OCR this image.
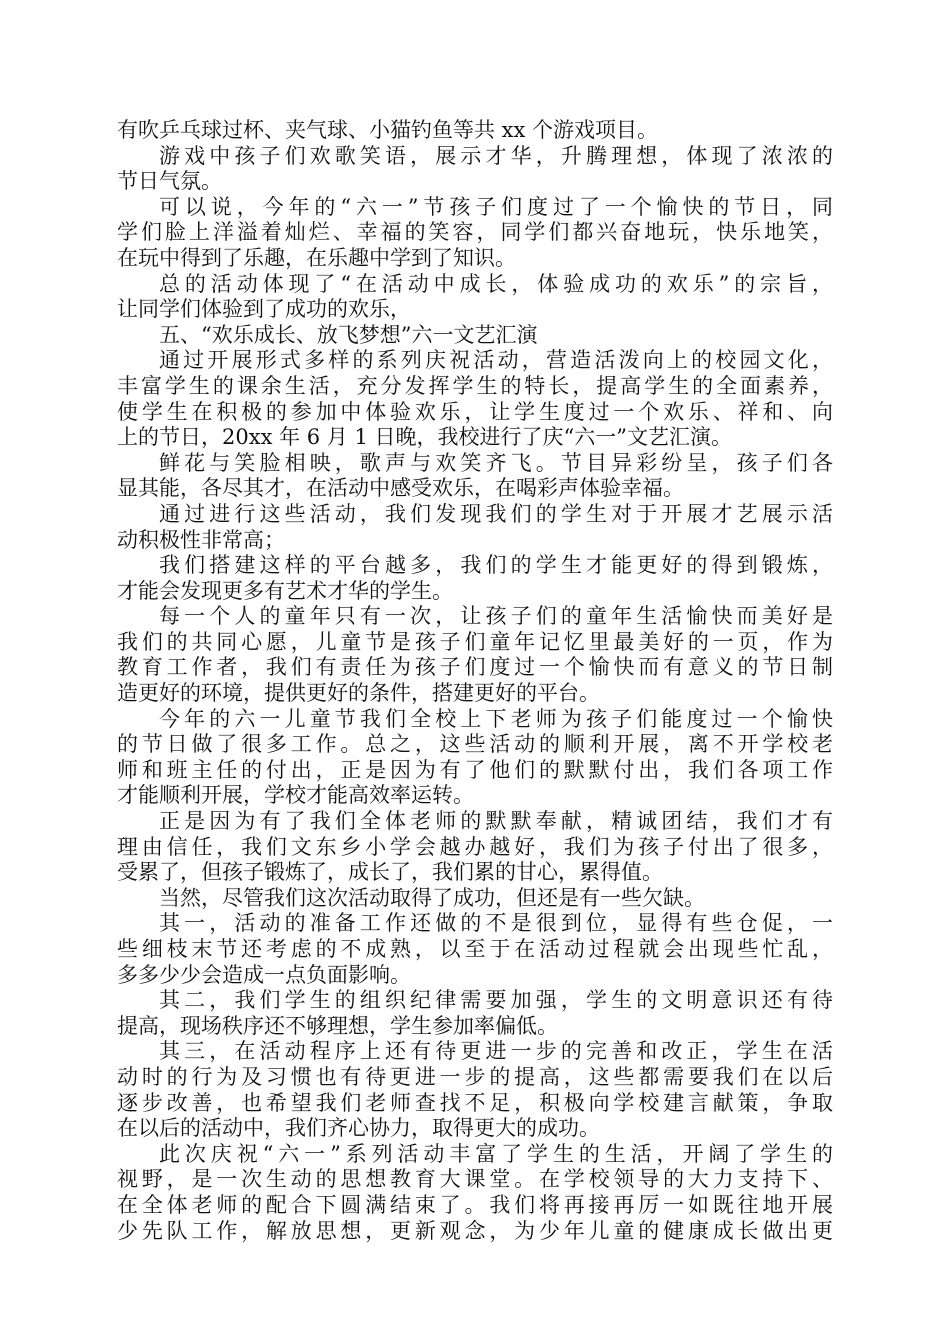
有吹乒乓球过杯、夹气球、小猫钓鱼等共 xx 个游戏项目。
游戏中孩子们欢歌笑语，展示才华，升腾理想，体现了浓浓的
节日气氛。
可以说，今年的“六一”节孩子们度过了一个愉快的节日，同
学们脸上洋溢着灿烂、幸福的笑容，同学们都兴奋地玩，快乐地笑，
在玩中得到了乐趣，在乐趣中学到了知识。
总的活动体现了“在活动中成长，体验成功的欢乐”的宗旨，
让同学们体验到了成功的欢乐，
五、“欢乐成长、放飞梦想”六一文艺汇演
通过开展形式多样的系列庆祝活动，营造活泼向上的校园文化，
丰富学生的课余生活，充分发挥学生的特长，提高学生的全面素养，
使学生在积极的参加中体验欢乐，让学生度过一个欢乐、祥和、向
上的节日，20xx 年 6 月 1 日晚，我校进行了庆“六一”文艺汇演。
鲜花与笑脸相映，歌声与欢笑齐飞。节目异彩纷呈，孩子们各
显其能，各尽其才，在活动中感受欢乐，在喝彩声体验幸福。
通过进行这些活动，我们发现我们的学生对于开展才艺展示活
动积极性非常高；
我们搭建这样的平台越多，我们的学生才能更好的得到锻炼，
才能会发现更多有艺术才华的学生。
每一个人的童年只有一次，让孩子们的童年生活愉快而美好是
我们的共同心愿，儿童节是孩子们童年记忆里最美好的一页，作为
教育工作者，我们有责任为孩子们度过一个愉快而有意义的节日制
造更好的环境，提供更好的条件，搭建更好的平台。
今年的六一儿童节我们全校上下老师为孩子们能度过一个愉快
的节日做了很多工作。总之，这些活动的顺利开展，离不开学校老
师和班主任的付出，正是因为有了他们的默默付出，我们各项工作
才能顺利开展，学校才能高效率运转。
正是因为有了我们全体老师的默默奉献，精诚团结，我们才有
理由信任，我们文东乡小学会越办越好，我们为孩子付出了很多，
受累了，但孩子锻炼了，成长了，我们累的甘心，累得值。
当然，尽管我们这次活动取得了成功，但还是有一些欠缺。
其一，活动的准备工作还做的不是很到位，显得有些仓促，一
些细枝末节还考虑的不成熟，以至于在活动过程就会出现些忙乱，
多多少少会造成一点负面影响。
其二，我们学生的组织纪律需要加强，学生的文明意识还有待
提高，现场秩序还不够理想，学生参加率偏低。
其三，在活动程序上还有待更进一步的完善和改正，学生在活
动时的行为及习惯也有待更进一步的提高，这些都需要我们在以后
逐步改善，也希望我们老师查找不足，积极向学校建言献策，争取
在以后的活动中，我们齐心协力，取得更大的成功。
此次庆祝“六一”系列活动丰富了学生的生活，开阔了学生的
视野，是一次生动的思想教育大课堂。在学校领导的大力支持下、
在全体老师的配合下圆满结束了。我们将再接再厉一如既往地开展
少先队工作，解放思想，更新观念，为少年儿童的健康成长做出更
